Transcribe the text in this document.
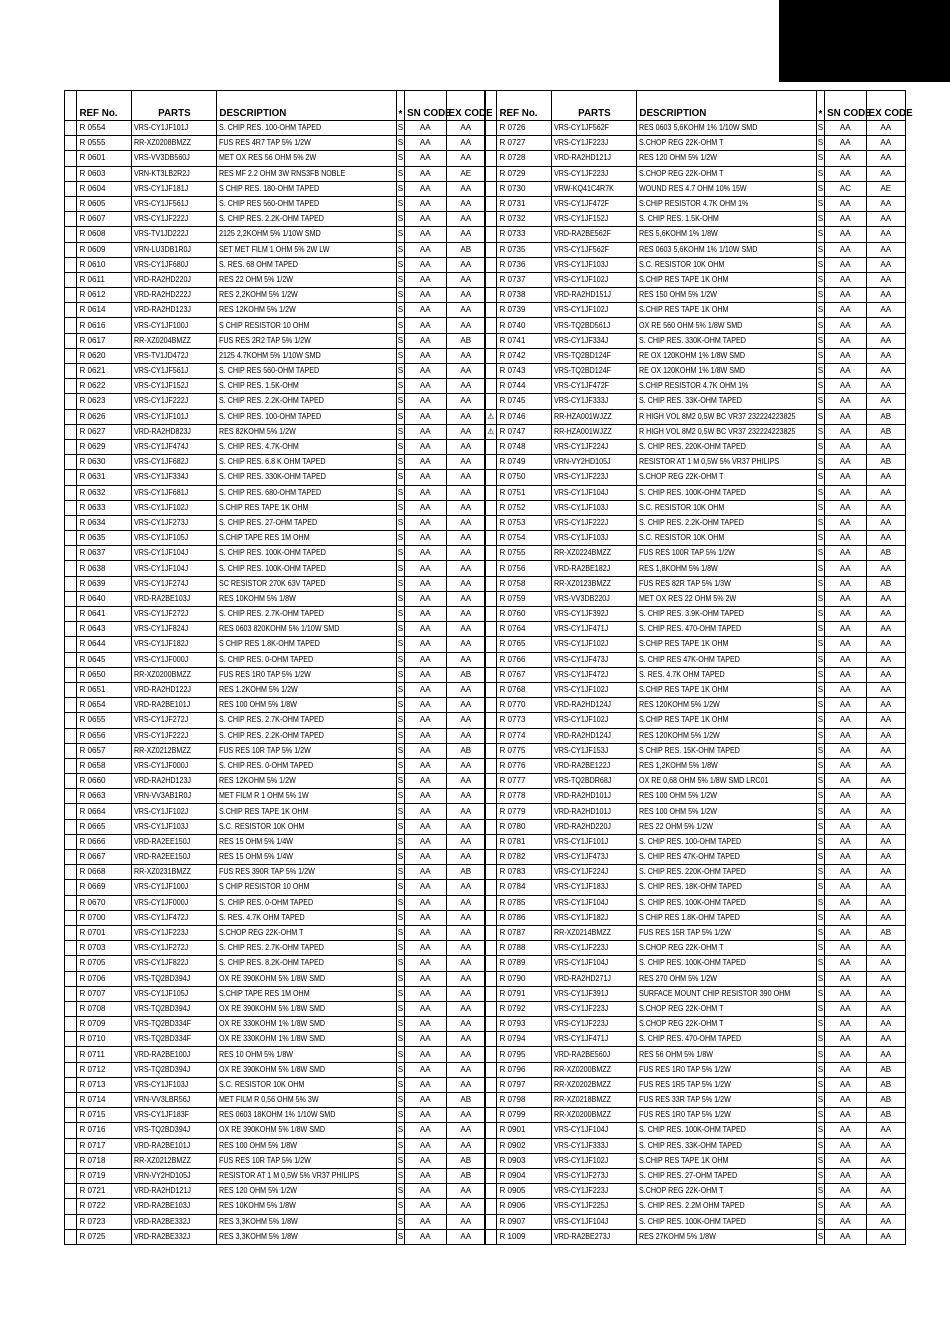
	REF No.	PARTS	DESCRIPTION	*	SN CODE	EX CODE
	R 0554	VRS-CY1JF101J	S. CHIP RES. 100-OHM TAPED	S	AA	AA
	R 0555	RR-XZ0208BMZZ	FUS RES 4R7 TAP 5% 1/2W	S	AA	AA
	R 0601	VRS-VV3DB560J	MET OX RES 56 OHM 5% 2W	S	AA	AA
	R 0603	VRN-KT3LB2R2J	RES MF 2.2 OHM 3W RNS3FB NOBLE	S	AA	AE
	R 0604	VRS-CY1JF181J	S CHIP RES. 180-OHM TAPED	S	AA	AA
	R 0605	VRS-CY1JF561J	S. CHIP RES 560-OHM TAPED	S	AA	AA
	R 0607	VRS-CY1JF222J	S. CHIP RES. 2.2K-OHM TAPED	S	AA	AA
	R 0608	VRS-TV1JD222J	2125 2,2KOHM 5% 1/10W SMD	S	AA	AA
	R 0609	VRN-LU3DB1R0J	SET MET FILM 1 OHM 5% 2W LW	S	AA	AB
	R 0610	VRS-CY1JF680J	S. RES. 68 OHM TAPED	S	AA	AA
	R 0611	VRD-RA2HD220J	RES 22 OHM 5% 1/2W	S	AA	AA
	R 0612	VRD-RA2HD222J	RES 2,2KOHM 5% 1/2W	S	AA	AA
	R 0614	VRD-RA2HD123J	RES 12KOHM 5% 1/2W	S	AA	AA
	R 0616	VRS-CY1JF100J	S CHIP RESISTOR 10 OHM	S	AA	AA
	R 0617	RR-XZ0204BMZZ	FUS RES 2R2 TAP 5% 1/2W	S	AA	AB
	R 0620	VRS-TV1JD472J	2125 4.7KOHM 5% 1/10W SMD	S	AA	AA
	R 0621	VRS-CY1JF561J	S. CHIP RES 560-OHM TAPED	S	AA	AA
	R 0622	VRS-CY1JF152J	S. CHIP RES. 1.5K-OHM	S	AA	AA
	R 0623	VRS-CY1JF222J	S. CHIP RES. 2.2K-OHM TAPED	S	AA	AA
	R 0626	VRS-CY1JF101J	S. CHIP RES. 100-OHM TAPED	S	AA	AA
	R 0627	VRD-RA2HD823J	RES 82KOHM 5% 1/2W	S	AA	AA
	R 0629	VRS-CY1JF474J	S. CHIP RES. 4.7K-OHM	S	AA	AA
	R 0630	VRS-CY1JF682J	S. CHIP RES. 6.8 K OHM TAPED	S	AA	AA
	R 0631	VRS-CY1JF334J	S. CHIP RES. 330K-OHM TAPED	S	AA	AA
	R 0632	VRS-CY1JF681J	S. CHIP RES. 680-OHM TAPED	S	AA	AA
	R 0633	VRS-CY1JF102J	S.CHIP RES TAPE 1K OHM	S	AA	AA
	R 0634	VRS-CY1JF273J	S. CHIP RES. 27-OHM TAPED	S	AA	AA
	R 0635	VRS-CY1JF105J	S.CHIP TAPE RES 1M OHM	S	AA	AA
	R 0637	VRS-CY1JF104J	S. CHIP RES. 100K-OHM TAPED	S	AA	AA
	R 0638	VRS-CY1JF104J	S. CHIP RES. 100K-OHM TAPED	S	AA	AA
	R 0639	VRS-CY1JF274J	SC RESISTOR 270K 63V TAPED	S	AA	AA
	R 0640	VRD-RA2BE103J	RES 10KOHM 5% 1/8W	S	AA	AA
	R 0641	VRS-CY1JF272J	S. CHIP RES. 2.7K-OHM TAPED	S	AA	AA
	R 0643	VRS-CY1JF824J	RES 0603 820KOHM 5% 1/10W SMD	S	AA	AA
	R 0644	VRS-CY1JF182J	S CHIP RES 1.8K-OHM TAPED	S	AA	AA
	R 0645	VRS-CY1JF000J	S. CHIP RES. 0-OHM TAPED	S	AA	AA
	R 0650	RR-XZ0200BMZZ	FUS RES 1R0 TAP 5% 1/2W	S	AA	AB
	R 0651	VRD-RA2HD122J	RES 1.2KOHM 5% 1/2W	S	AA	AA
	R 0654	VRD-RA2BE101J	RES 100 OHM 5% 1/8W	S	AA	AA
	R 0655	VRS-CY1JF272J	S. CHIP RES. 2.7K-OHM TAPED	S	AA	AA
	R 0656	VRS-CY1JF222J	S. CHIP RES. 2.2K-OHM TAPED	S	AA	AA
	R 0657	RR-XZ0212BMZZ	FUS RES 10R TAP 5% 1/2W	S	AA	AB
	R 0658	VRS-CY1JF000J	S. CHIP RES. 0-OHM TAPED	S	AA	AA
	R 0660	VRD-RA2HD123J	RES 12KOHM 5% 1/2W	S	AA	AA
	R 0663	VRN-VV3AB1R0J	MET FILM R 1 OHM 5% 1W	S	AA	AA
	R 0664	VRS-CY1JF102J	S.CHIP RES TAPE 1K OHM	S	AA	AA
	R 0665	VRS-CY1JF103J	S.C. RESISTOR 10K OHM	S	AA	AA
	R 0666	VRD-RA2EE150J	RES 15 OHM 5% 1/4W	S	AA	AA
	R 0667	VRD-RA2EE150J	RES 15 OHM 5% 1/4W	S	AA	AA
	R 0668	RR-XZ0231BMZZ	FUS RES 390R TAP 5% 1/2W	S	AA	AB
	R 0669	VRS-CY1JF100J	S CHIP RESISTOR 10 OHM	S	AA	AA
	R 0670	VRS-CY1JF000J	S. CHIP RES. 0-OHM TAPED	S	AA	AA
	R 0700	VRS-CY1JF472J	S. RES. 4.7K OHM TAPED	S	AA	AA
	R 0701	VRS-CY1JF223J	S.CHOP REG 22K-OHM T	S	AA	AA
	R 0703	VRS-CY1JF272J	S. CHIP RES. 2.7K-OHM TAPED	S	AA	AA
	R 0705	VRS-CY1JF822J	S. CHIP RES. 8.2K-OHM TAPED	S	AA	AA
	R 0706	VRS-TQ2BD394J	OX RE 390KOHM 5% 1/8W SMD	S	AA	AA
	R 0707	VRS-CY1JF105J	S.CHIP TAPE RES 1M OHM	S	AA	AA
	R 0708	VRS-TQ2BD394J	OX RE 390KOHM 5% 1/8W SMD	S	AA	AA
	R 0709	VRS-TQ2BD334F	OX RE 330KOHM 1% 1/8W SMD	S	AA	AA
	R 0710	VRS-TQ2BD334F	OX RE 330KOHM 1% 1/8W SMD	S	AA	AA
	R 0711	VRD-RA2BE100J	RES 10 OHM 5% 1/8W	S	AA	AA
	R 0712	VRS-TQ2BD394J	OX RE 390KOHM 5% 1/8W SMD	S	AA	AA
	R 0713	VRS-CY1JF103J	S.C. RESISTOR 10K OHM	S	AA	AA
	R 0714	VRN-VV3LBR56J	MET FILM R 0,56 OHM 5% 3W	S	AA	AB
	R 0715	VRS-CY1JF183F	RES 0603 18KOHM 1% 1/10W SMD	S	AA	AA
	R 0716	VRS-TQ2BD394J	OX RE 390KOHM 5% 1/8W SMD	S	AA	AA
	R 0717	VRD-RA2BE101J	RES 100 OHM 5% 1/8W	S	AA	AA
	R 0718	RR-XZ0212BMZZ	FUS RES 10R TAP 5% 1/2W	S	AA	AB
	R 0719	VRN-VY2HD105J	RESISTOR AT 1 M 0,5W 5% VR37 PHILIPS	S	AA	AB
	R 0721	VRD-RA2HD121J	RES 120 OHM 5% 1/2W	S	AA	AA
	R 0722	VRD-RA2BE103J	RES 10KOHM 5% 1/8W	S	AA	AA
	R 0723	VRD-RA2BE332J	RES 3,3KOHM 5% 1/8W	S	AA	AA
	R 0725	VRD-RA2BE332J	RES 3,3KOHM 5% 1/8W	S	AA	AA

	REF No.	PARTS	DESCRIPTION	*	SN CODE	EX CODE
	R 0726	VRS-CY1JF562F	RES 0603 5,6KOHM 1% 1/10W SMD	S	AA	AA
	R 0727	VRS-CY1JF223J	S.CHOP REG 22K-OHM T	S	AA	AA
	R 0728	VRD-RA2HD121J	RES 120 OHM 5% 1/2W	S	AA	AA
	R 0729	VRS-CY1JF223J	S.CHOP REG 22K-OHM T	S	AA	AA
	R 0730	VRW-KQ41C4R7K	WOUND RES 4.7 OHM 10% 15W	S	AC	AE
	R 0731	VRS-CY1JF472F	S.CHIP RESISTOR 4.7K OHM 1%	S	AA	AA
	R 0732	VRS-CY1JF152J	S. CHIP RES. 1.5K-OHM	S	AA	AA
	R 0733	VRD-RA2BE562F	RES 5,6KOHM 1% 1/8W	S	AA	AA
	R 0735	VRS-CY1JF562F	RES 0603 5,6KOHM 1% 1/10W SMD	S	AA	AA
	R 0736	VRS-CY1JF103J	S.C. RESISTOR 10K OHM	S	AA	AA
	R 0737	VRS-CY1JF102J	S.CHIP RES TAPE 1K OHM	S	AA	AA
	R 0738	VRD-RA2HD151J	RES 150 OHM 5% 1/2W	S	AA	AA
	R 0739	VRS-CY1JF102J	S.CHIP RES TAPE 1K OHM	S	AA	AA
	R 0740	VRS-TQ2BD561J	OX RE 560 OHM 5% 1/8W SMD	S	AA	AA
	R 0741	VRS-CY1JF334J	S. CHIP RES. 330K-OHM TAPED	S	AA	AA
	R 0742	VRS-TQ2BD124F	RE OX 120KOHM 1% 1/8W SMD	S	AA	AA
	R 0743	VRS-TQ2BD124F	RE OX 120KOHM 1% 1/8W SMD	S	AA	AA
	R 0744	VRS-CY1JF472F	S.CHIP RESISTOR 4.7K OHM 1%	S	AA	AA
	R 0745	VRS-CY1JF333J	S. CHIP RES. 33K-OHM TAPED	S	AA	AA
⚠	R 0746	RR-HZA001WJZZ	R HIGH VOL 8M2 0,5W BC VR37 232224223825	S	AA	AB
⚠	R 0747	RR-HZA001WJZZ	R HIGH VOL 8M2 0,5W BC VR37 232224223825	S	AA	AB
	R 0748	VRS-CY1JF224J	S. CHIP RES. 220K-OHM TAPED	S	AA	AA
	R 0749	VRN-VY2HD105J	RESISTOR AT 1 M 0,5W 5% VR37 PHILIPS	S	AA	AB
	R 0750	VRS-CY1JF223J	S.CHOP REG 22K-OHM T	S	AA	AA
	R 0751	VRS-CY1JF104J	S. CHIP RES. 100K-OHM TAPED	S	AA	AA
	R 0752	VRS-CY1JF103J	S.C. RESISTOR 10K OHM	S	AA	AA
	R 0753	VRS-CY1JF222J	S. CHIP RES. 2.2K-OHM TAPED	S	AA	AA
	R 0754	VRS-CY1JF103J	S.C. RESISTOR 10K OHM	S	AA	AA
	R 0755	RR-XZ0224BMZZ	FUS RES 100R TAP 5% 1/2W	S	AA	AB
	R 0756	VRD-RA2BE182J	RES 1,8KOHM 5% 1/8W	S	AA	AA
	R 0758	RR-XZ0123BMZZ	FUS RES 82R TAP 5% 1/3W	S	AA	AB
	R 0759	VRS-VV3DB220J	MET OX RES 22 OHM 5% 2W	S	AA	AA
	R 0760	VRS-CY1JF392J	S. CHIP RES. 3.9K-OHM TAPED	S	AA	AA
	R 0764	VRS-CY1JF471J	S. CHIP RES. 470-OHM TAPED	S	AA	AA
	R 0765	VRS-CY1JF102J	S.CHIP RES TAPE 1K OHM	S	AA	AA
	R 0766	VRS-CY1JF473J	S. CHIP RES 47K-OHM TAPED	S	AA	AA
	R 0767	VRS-CY1JF472J	S. RES. 4.7K OHM TAPED	S	AA	AA
	R 0768	VRS-CY1JF102J	S.CHIP RES TAPE 1K OHM	S	AA	AA
	R 0770	VRD-RA2HD124J	RES 120KOHM 5% 1/2W	S	AA	AA
	R 0773	VRS-CY1JF102J	S.CHIP RES TAPE 1K OHM	S	AA	AA
	R 0774	VRD-RA2HD124J	RES 120KOHM 5% 1/2W	S	AA	AA
	R 0775	VRS-CY1JF153J	S CHIP RES. 15K-OHM TAPED	S	AA	AA
	R 0776	VRD-RA2BE122J	RES 1,2KOHM 5% 1/8W	S	AA	AA
	R 0777	VRS-TQ2BDR68J	OX RE 0,68 OHM 5% 1/8W SMD LRC01	S	AA	AA
	R 0778	VRD-RA2HD101J	RES 100 OHM 5% 1/2W	S	AA	AA
	R 0779	VRD-RA2HD101J	RES 100 OHM 5% 1/2W	S	AA	AA
	R 0780	VRD-RA2HD220J	RES 22 OHM 5% 1/2W	S	AA	AA
	R 0781	VRS-CY1JF101J	S. CHIP RES. 100-OHM TAPED	S	AA	AA
	R 0782	VRS-CY1JF473J	S. CHIP RES 47K-OHM TAPED	S	AA	AA
	R 0783	VRS-CY1JF224J	S. CHIP RES. 220K-OHM TAPED	S	AA	AA
	R 0784	VRS-CY1JF183J	S. CHIP RES. 18K-OHM TAPED	S	AA	AA
	R 0785	VRS-CY1JF104J	S. CHIP RES. 100K-OHM TAPED	S	AA	AA
	R 0786	VRS-CY1JF182J	S CHIP RES 1.8K-OHM TAPED	S	AA	AA
	R 0787	RR-XZ0214BMZZ	FUS RES 15R TAP 5% 1/2W	S	AA	AB
	R 0788	VRS-CY1JF223J	S.CHOP REG 22K-OHM T	S	AA	AA
	R 0789	VRS-CY1JF104J	S. CHIP RES. 100K-OHM TAPED	S	AA	AA
	R 0790	VRD-RA2HD271J	RES 270 OHM 5% 1/2W	S	AA	AA
	R 0791	VRS-CY1JF391J	SURFACE MOUNT CHIP RESISTOR 390 OHM	S	AA	AA
	R 0792	VRS-CY1JF223J	S.CHOP REG 22K-OHM T	S	AA	AA
	R 0793	VRS-CY1JF223J	S.CHOP REG 22K-OHM T	S	AA	AA
	R 0794	VRS-CY1JF471J	S. CHIP RES. 470-OHM TAPED	S	AA	AA
	R 0795	VRD-RA2BE560J	RES 56 OHM 5% 1/8W	S	AA	AA
	R 0796	RR-XZ0200BMZZ	FUS RES 1R0 TAP 5% 1/2W	S	AA	AB
	R 0797	RR-XZ0202BMZZ	FUS RES 1R5 TAP 5% 1/2W	S	AA	AB
	R 0798	RR-XZ0218BMZZ	FUS RES 33R TAP 5% 1/2W	S	AA	AB
	R 0799	RR-XZ0200BMZZ	FUS RES 1R0 TAP 5% 1/2W	S	AA	AB
	R 0901	VRS-CY1JF104J	S. CHIP RES. 100K-OHM TAPED	S	AA	AA
	R 0902	VRS-CY1JF333J	S. CHIP RES. 33K-OHM TAPED	S	AA	AA
	R 0903	VRS-CY1JF102J	S.CHIP RES TAPE 1K OHM	S	AA	AA
	R 0904	VRS-CY1JF273J	S. CHIP RES. 27-OHM TAPED	S	AA	AA
	R 0905	VRS-CY1JF223J	S.CHOP REG 22K-OHM T	S	AA	AA
	R 0906	VRS-CY1JF225J	S. CHIP RES. 2.2M OHM TAPED	S	AA	AA
	R 0907	VRS-CY1JF104J	S. CHIP RES. 100K-OHM TAPED	S	AA	AA
	R 1009	VRD-RA2BE273J	RES 27KOHM 5% 1/8W	S	AA	AA
